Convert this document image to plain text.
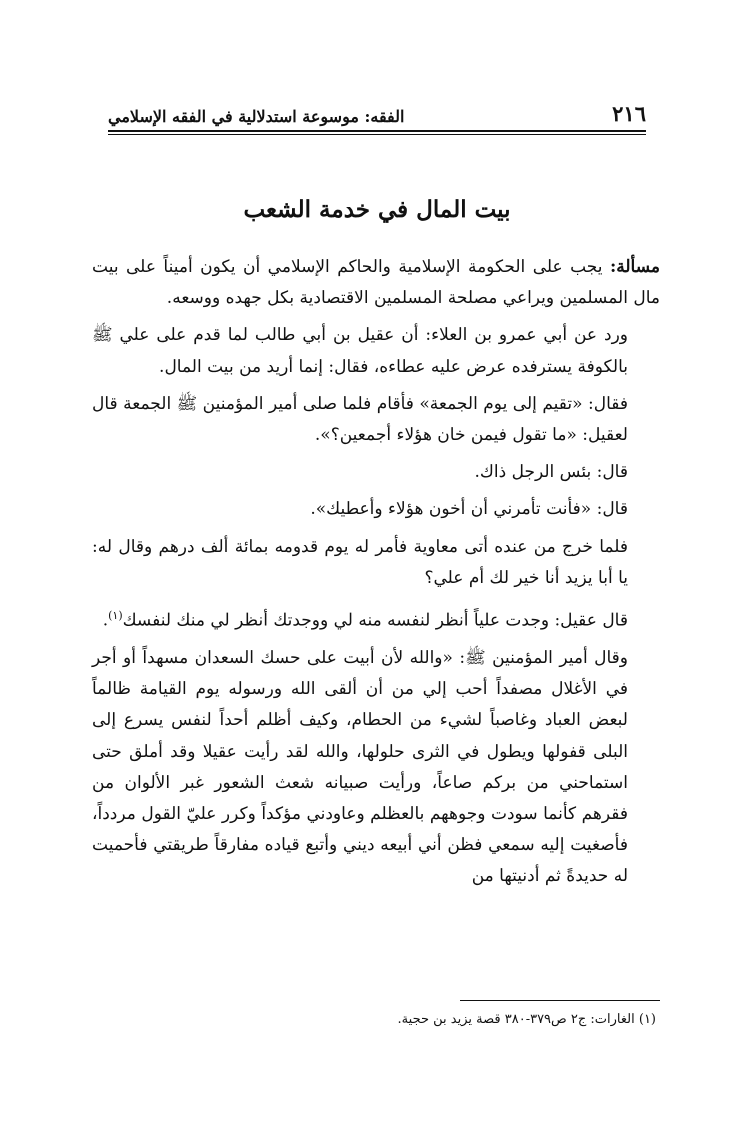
٢١٦
الفقه: موسوعة استدلالية في الفقه الإسلامي
بيت المال في خدمة الشعب

مسألة: يجب على الحكومة الإسلامية والحاكم الإسلامي أن يكون أميناً على بيت مال المسلمين ويراعي مصلحة المسلمين الاقتصادية بكل جهده ووسعه.

ورد عن أبي عمرو بن العلاء: أن عقيل بن أبي طالب لما قدم على علي ﷺ بالكوفة يسترفده عرض عليه عطاءه، فقال: إنما أريد من بيت المال.

فقال: «تقيم إلى يوم الجمعة» فأقام فلما صلى أمير المؤمنين ﷺ الجمعة قال لعقيل: «ما تقول فيمن خان هؤلاء أجمعين؟».

قال: بئس الرجل ذاك.

قال: «فأنت تأمرني أن أخون هؤلاء وأعطيك».

فلما خرج من عنده أتى معاوية فأمر له يوم قدومه بمائة ألف درهم وقال له: يا أبا يزيد أنا خير لك أم علي؟

قال عقيل: وجدت علياً أنظر لنفسه منه لي ووجدتك أنظر لي منك لنفسك$^{(١)}$.

وقال أمير المؤمنين ﷺ: «والله لأن أبيت على حسك السعدان مسهداً أو أجر في الأغلال مصفداً أحب إلي من أن ألقى الله ورسوله يوم القيامة ظالماً لبعض العباد وغاصباً لشيء من الحطام، وكيف أظلم أحداً لنفس يسرع إلى البلى قفولها ويطول في الثرى حلولها، والله لقد رأيت عقيلا وقد أملق حتى استماحني من بركم صاعاً، ورأيت صبيانه شعث الشعور غبر الألوان من فقرهم كأنما سودت وجوههم بالعظلم وعاودني مؤكداً وكرر عليّ القول مردداً، فأصغيت إليه سمعي فظن أني أبيعه ديني وأتبع قياده مفارقاً طريقتي فأحميت له حديدةً ثم أدنيتها من

(١) الغارات: ج٢ ص٣٧٩-٣٨٠ قصة يزيد بن حجية.
